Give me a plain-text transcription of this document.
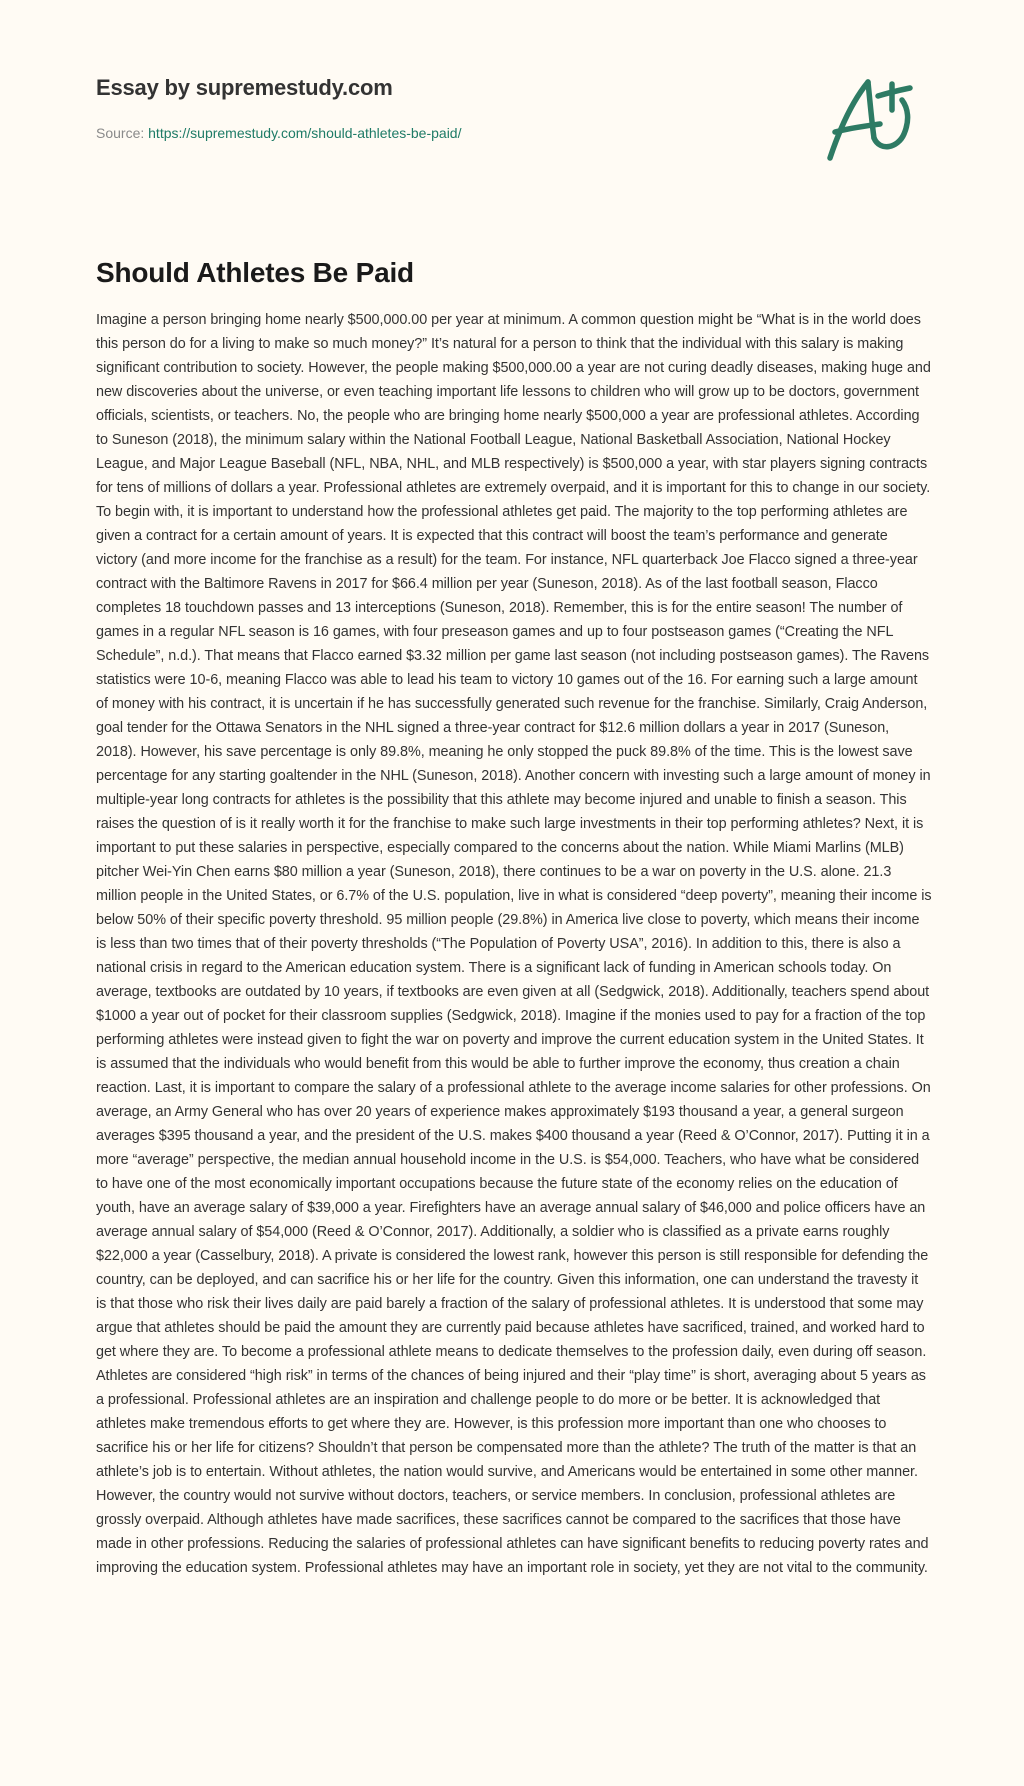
Essay by supremestudy.com
Source: https://supremestudy.com/should-athletes-be-paid/
Should Athletes Be Paid

Imagine a person bringing home nearly $500,000.00 per year at minimum. A common question might be “What is in the world does this person do for a living to make so much money?” It’s natural for a person to think that the individual with this salary is making significant contribution to society. However, the people making $500,000.00 a year are not curing deadly diseases, making huge and new discoveries about the universe, or even teaching important life lessons to children who will grow up to be doctors, government officials, scientists, or teachers. No, the people who are bringing home nearly $500,000 a year are professional athletes. According to Suneson (2018), the minimum salary within the National Football League, National Basketball Association, National Hockey League, and Major League Baseball (NFL, NBA, NHL, and MLB respectively) is $500,000 a year, with star players signing contracts for tens of millions of dollars a year. Professional athletes are extremely overpaid, and it is important for this to change in our society. To begin with, it is important to understand how the professional athletes get paid. The majority to the top performing athletes are given a contract for a certain amount of years. It is expected that this contract will boost the team’s performance and generate victory (and more income for the franchise as a result) for the team. For instance, NFL quarterback Joe Flacco signed a three-year contract with the Baltimore Ravens in 2017 for $66.4 million per year (Suneson, 2018). As of the last football season, Flacco completes 18 touchdown passes and 13 interceptions (Suneson, 2018). Remember, this is for the entire season! The number of games in a regular NFL season is 16 games, with four preseason games and up to four postseason games (“Creating the NFL Schedule”, n.d.). That means that Flacco earned $3.32 million per game last season (not including postseason games). The Ravens statistics were 10-6, meaning Flacco was able to lead his team to victory 10 games out of the 16. For earning such a large amount of money with his contract, it is uncertain if he has successfully generated such revenue for the franchise. Similarly, Craig Anderson, goal tender for the Ottawa Senators in the NHL signed a three-year contract for $12.6 million dollars a year in 2017 (Suneson, 2018). However, his save percentage is only 89.8%, meaning he only stopped the puck 89.8% of the time. This is the lowest save percentage for any starting goaltender in the NHL (Suneson, 2018). Another concern with investing such a large amount of money in multiple-year long contracts for athletes is the possibility that this athlete may become injured and unable to finish a season. This raises the question of is it really worth it for the franchise to make such large investments in their top performing athletes? Next, it is important to put these salaries in perspective, especially compared to the concerns about the nation. While Miami Marlins (MLB) pitcher Wei-Yin Chen earns $80 million a year (Suneson, 2018), there continues to be a war on poverty in the U.S. alone. 21.3 million people in the United States, or 6.7% of the U.S. population, live in what is considered “deep poverty”, meaning their income is below 50% of their specific poverty threshold. 95 million people (29.8%) in America live close to poverty, which means their income is less than two times that of their poverty thresholds (“The Population of Poverty USA”, 2016). In addition to this, there is also a national crisis in regard to the American education system. There is a significant lack of funding in American schools today. On average, textbooks are outdated by 10 years, if textbooks are even given at all (Sedgwick, 2018). Additionally, teachers spend about $1000 a year out of pocket for their classroom supplies (Sedgwick, 2018). Imagine if the monies used to pay for a fraction of the top performing athletes were instead given to fight the war on poverty and improve the current education system in the United States. It is assumed that the individuals who would benefit from this would be able to further improve the economy, thus creation a chain reaction. Last, it is important to compare the salary of a professional athlete to the average income salaries for other professions. On average, an Army General who has over 20 years of experience makes approximately $193 thousand a year, a general surgeon averages $395 thousand a year, and the president of the U.S. makes $400 thousand a year (Reed & O’Connor, 2017). Putting it in a more “average” perspective, the median annual household income in the U.S. is $54,000. Teachers, who have what be considered to have one of the most economically important occupations because the future state of the economy relies on the education of youth, have an average salary of $39,000 a year. Firefighters have an average annual salary of $46,000 and police officers have an average annual salary of $54,000 (Reed & O’Connor, 2017). Additionally, a soldier who is classified as a private earns roughly $22,000 a year (Casselbury, 2018). A private is considered the lowest rank, however this person is still responsible for defending the country, can be deployed, and can sacrifice his or her life for the country. Given this information, one can understand the travesty it is that those who risk their lives daily are paid barely a fraction of the salary of professional athletes. It is understood that some may argue that athletes should be paid the amount they are currently paid because athletes have sacrificed, trained, and worked hard to get where they are. To become a professional athlete means to dedicate themselves to the profession daily, even during off season. Athletes are considered “high risk” in terms of the chances of being injured and their “play time” is short, averaging about 5 years as a professional. Professional athletes are an inspiration and challenge people to do more or be better. It is acknowledged that athletes make tremendous efforts to get where they are. However, is this profession more important than one who chooses to sacrifice his or her life for citizens? Shouldn’t that person be compensated more than the athlete? The truth of the matter is that an athlete’s job is to entertain. Without athletes, the nation would survive, and Americans would be entertained in some other manner. However, the country would not survive without doctors, teachers, or service members. In conclusion, professional athletes are grossly overpaid. Although athletes have made sacrifices, these sacrifices cannot be compared to the sacrifices that those have made in other professions. Reducing the salaries of professional athletes can have significant benefits to reducing poverty rates and improving the education system. Professional athletes may have an important role in society, yet they are not vital to the community.
